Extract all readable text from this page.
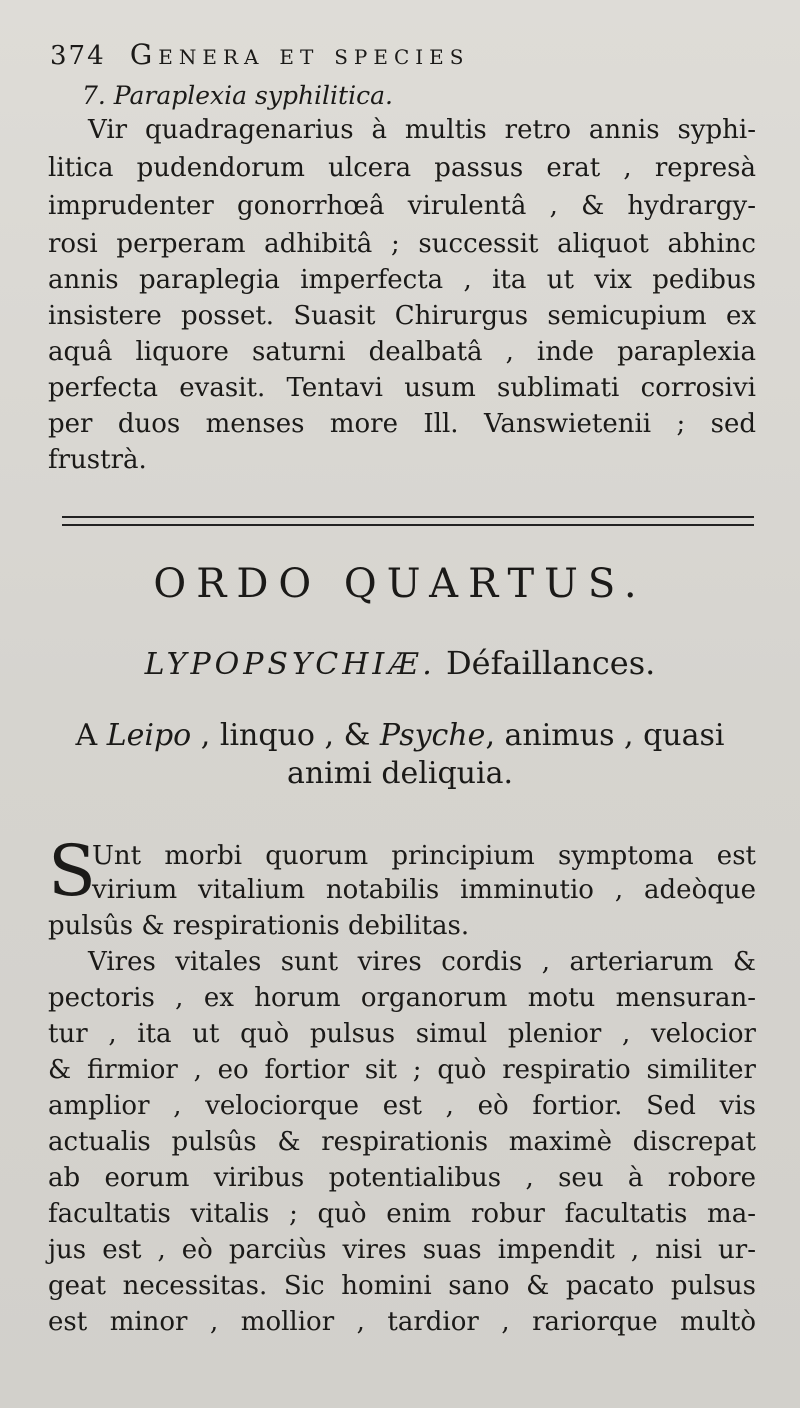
374 Genera et species
7. Paraplexia syphilitica.
Vir quadragenarius à multis retro annis syphi-
litica pudendorum ulcera passus erat , represà
imprudenter gonorrhœâ virulentâ , & hydrargy-
rosi perperam adhibitâ ; successit aliquot abhinc
annis paraplegia imperfecta , ita ut vix pedibus
insistere posset. Suasit Chirurgus semicupium ex
aquâ liquore saturni dealbatâ , inde paraplexia
perfecta evasit. Tentavi usum sublimati corrosivi
per duos menses more Ill. Vanswietenii ; sed
frustrà.
ORDO QUARTUS.
LYPOPSYCHIÆ. Défaillances.
A Leipo , linquo , & Psyche, animus , quasi
animi deliquia.
S
Unt morbi quorum principium symptoma est
virium vitalium notabilis imminutio , adeòque
pulsûs & respirationis debilitas.
Vires vitales sunt vires cordis , arteriarum &
pectoris , ex horum organorum motu mensuran-
tur , ita ut quò pulsus simul plenior , velocior
& firmior , eo fortior sit ; quò respiratio similiter
amplior , velociorque est , eò fortior. Sed vis
actualis pulsûs & respirationis maximè discrepat
ab eorum viribus potentialibus , seu à robore
facultatis vitalis ; quò enim robur facultatis ma-
jus est , eò parciùs vires suas impendit , nisi ur-
geat necessitas. Sic homini sano & pacato pulsus
est minor , mollior , tardior , rariorque multò
